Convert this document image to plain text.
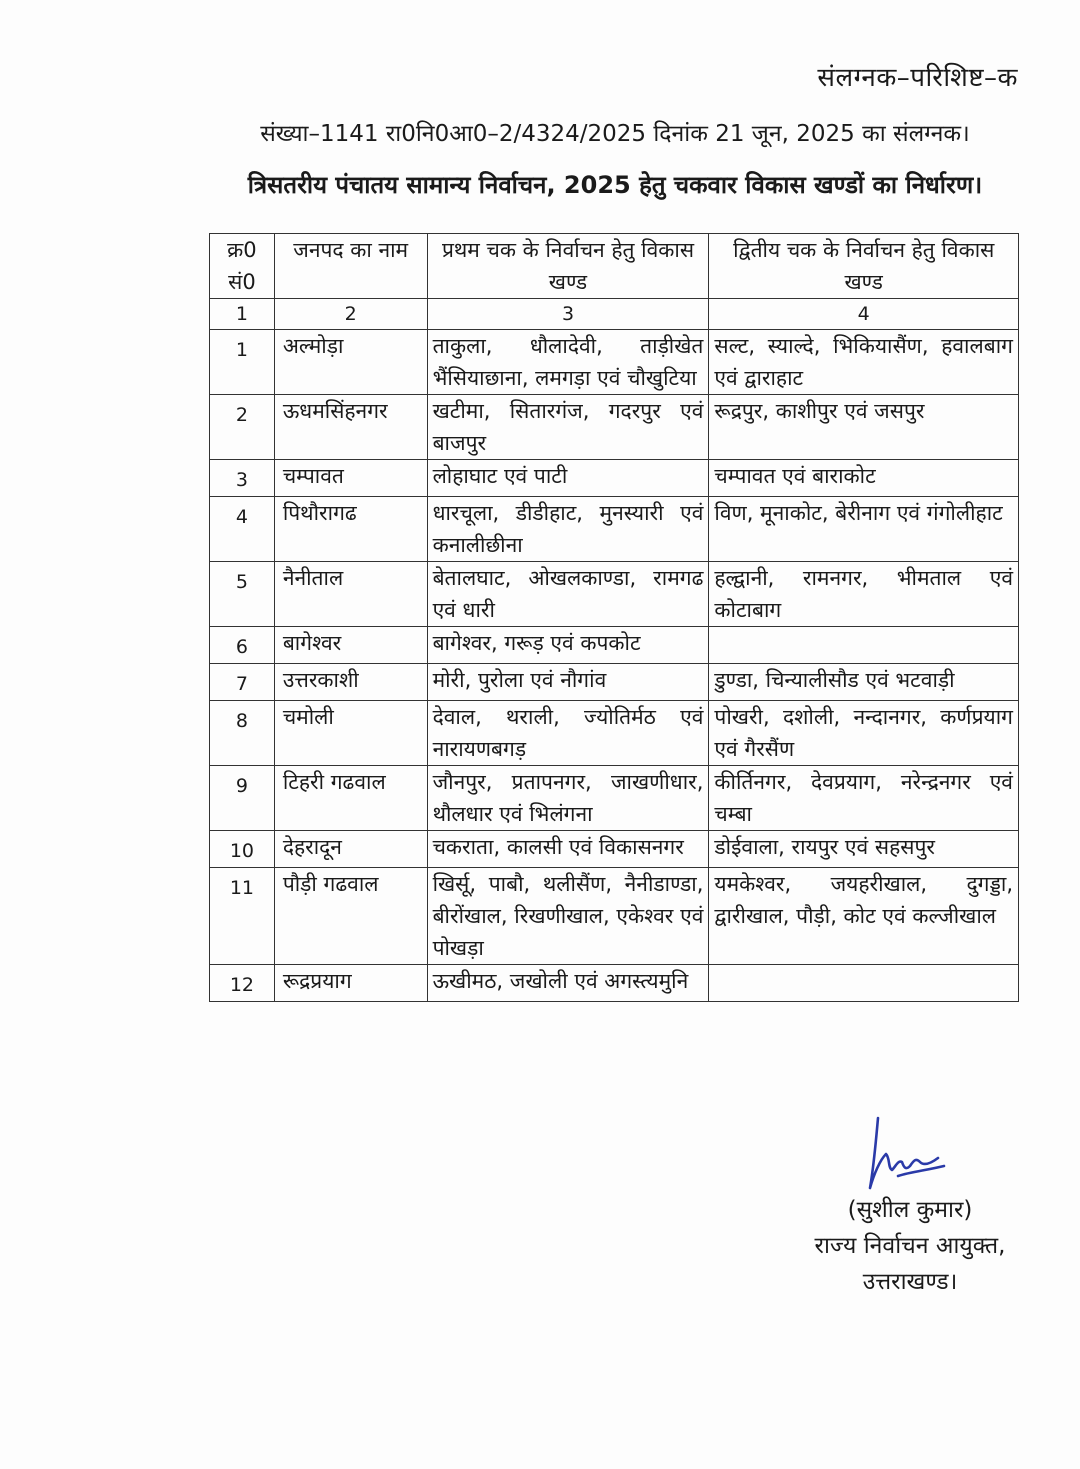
संलग्नक–परिशिष्ट–क
संख्या–1141 रा0नि0आ0–2/4324/2025 दिनांक 21 जून, 2025 का संलग्नक।
त्रिसतरीय पंचातय सामान्य निर्वाचन, 2025 हेतु चकवार विकास खण्डों का निर्धारण।
क्र0
सं0	जनपद का नाम	प्रथम चक के निर्वाचन हेतु विकास खण्ड	द्वितीय चक के निर्वाचन हेतु विकास खण्ड
1	2	3	4
1	अल्मोड़ा	ताकुला, धौलादेवी, ताड़ीखेत भैंसियाछाना, लमगड़ा एवं चौखुटिया	सल्ट, स्याल्दे, भिकियासैंण, हवालबाग एवं द्वाराहाट
2	ऊधमसिंहनगर	खटीमा, सितारगंज, गदरपुर एवं बाजपुर	रूद्रपुर, काशीपुर एवं जसपुर
3	चम्पावत	लोहाघाट एवं पाटी	चम्पावत एवं बाराकोट
4	पिथौरागढ	धारचूला, डीडीहाट, मुनस्यारी एवं कनालीछीना	विण, मूनाकोट, बेरीनाग एवं गंगोलीहाट
5	नैनीताल	बेतालघाट, ओखलकाण्डा, रामगढ एवं धारी	हल्द्वानी, रामनगर, भीमताल एवं कोटाबाग
6	बागेश्वर	बागेश्वर, गरूड़ एवं कपकोट	
7	उत्तरकाशी	मोरी, पुरोला एवं नौगांव	डुण्डा, चिन्यालीसौड एवं भटवाड़ी
8	चमोली	देवाल, थराली, ज्योतिर्मठ एवं नारायणबगड़	पोखरी, दशोली, नन्दानगर, कर्णप्रयाग एवं गैरसैंण
9	टिहरी गढवाल	जौनपुर, प्रतापनगर, जाखणीधार, थौलधार एवं भिलंगना	कीर्तिनगर, देवप्रयाग, नरेन्द्रनगर एवं चम्बा
10	देहरादून	चकराता, कालसी एवं विकासनगर	डोईवाला, रायपुर एवं सहसपुर
11	पौड़ी गढवाल	खिर्सू, पाबौ, थलीसैंण, नैनीडाण्डा, बीरोंखाल, रिखणीखाल, एकेश्वर एवं पोखड़ा	यमकेश्वर, जयहरीखाल, दुगड्डा, द्वारीखाल, पौड़ी, कोट एवं कल्जीखाल
12	रूद्रप्रयाग	ऊखीमठ, जखोली एवं अगस्त्यमुनि	
(सुशील कुमार)
राज्य निर्वाचन आयुक्त,
उत्तराखण्ड।
